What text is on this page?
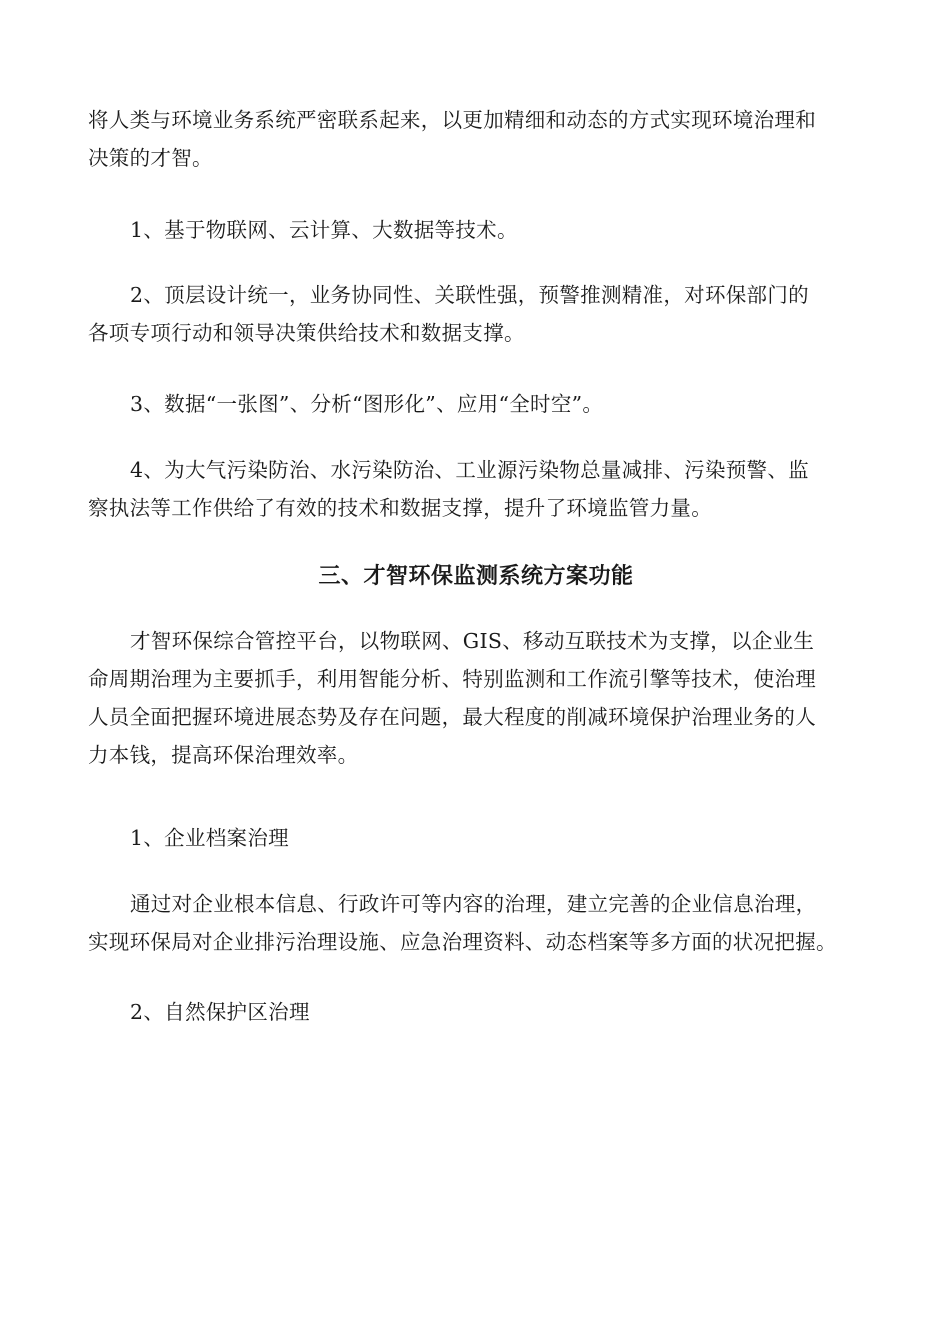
将人类与环境业务系统严密联系起来，以更加精细和动态的方式实现环境治理和
决策的才智。

1、基于物联网、云计算、大数据等技术。

2、顶层设计统一，业务协同性、关联性强，预警推测精准，对环保部门的
各项专项行动和领导决策供给技术和数据支撑。

3、数据“一张图”、分析“图形化”、应用“全时空”。

4、为大气污染防治、水污染防治、工业源污染物总量减排、污染预警、监
察执法等工作供给了有效的技术和数据支撑，提升了环境监管力量。

三、才智环保监测系统方案功能

才智环保综合管控平台，以物联网、GIS、移动互联技术为支撑，以企业生
命周期治理为主要抓手，利用智能分析、特别监测和工作流引擎等技术，使治理
人员全面把握环境进展态势及存在问题，最大程度的削减环境保护治理业务的人
力本钱，提高环保治理效率。

1、企业档案治理

通过对企业根本信息、行政许可等内容的治理，建立完善的企业信息治理，
实现环保局对企业排污治理设施、应急治理资料、动态档案等多方面的状况把握。

2、自然保护区治理
